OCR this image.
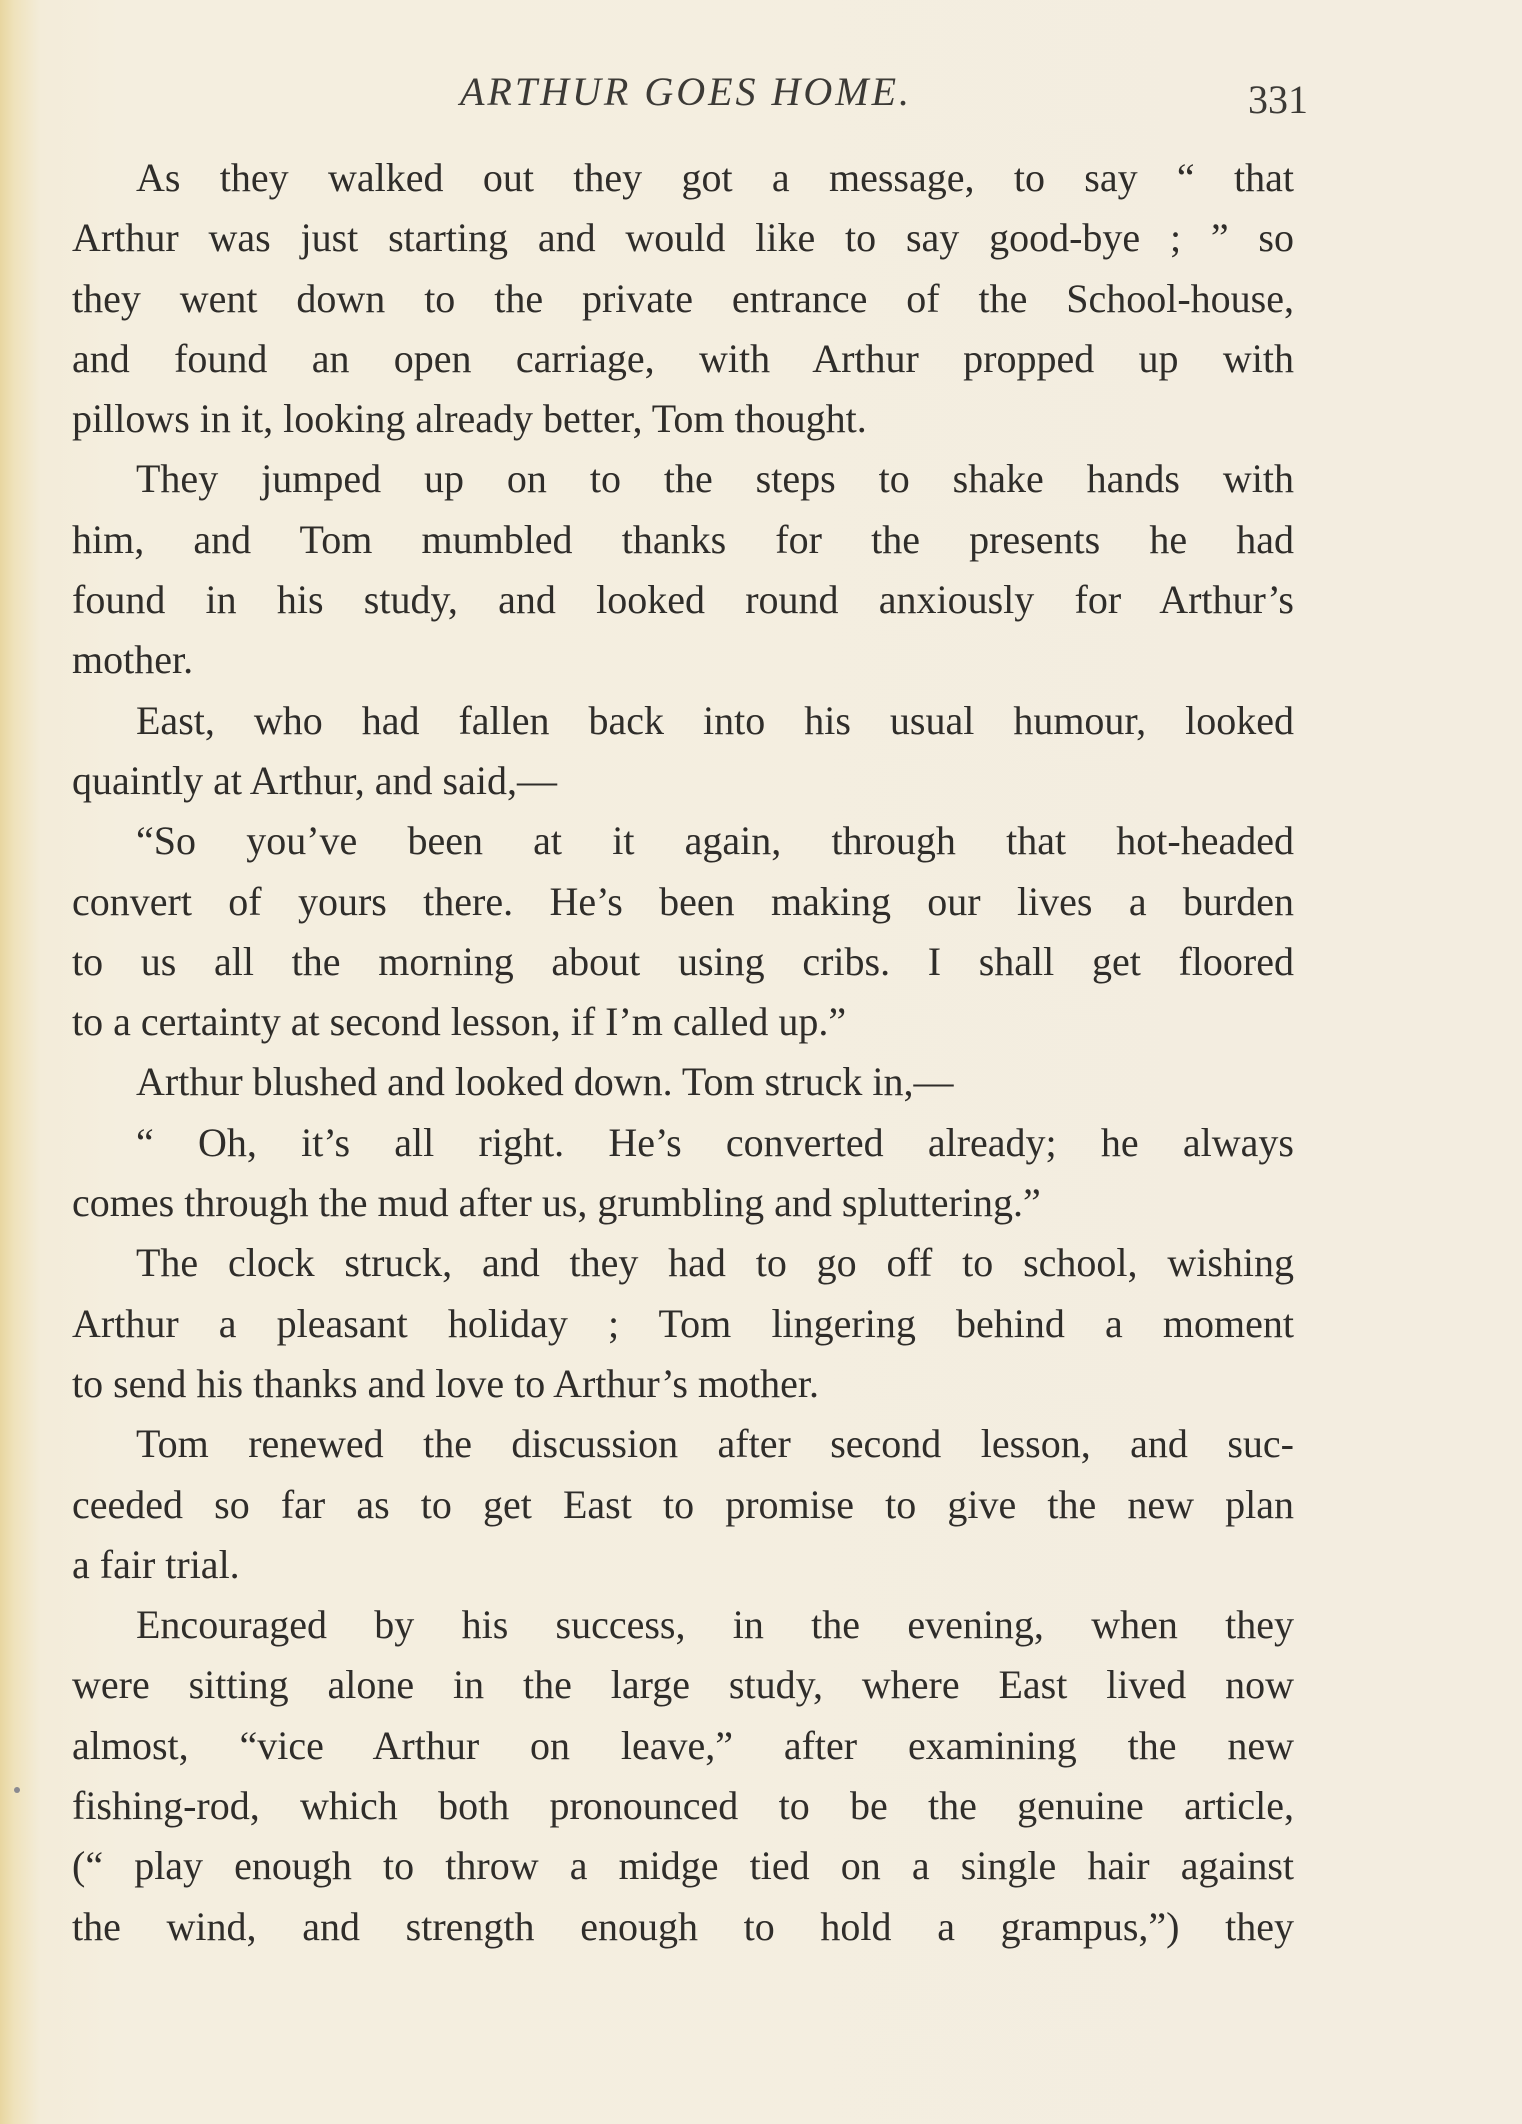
ARTHUR GOES HOME.	331
As they walked out they got a message, to say “ that
Arthur was just starting and would like to say good-bye ; ” so
they went down to the private entrance of the School-house,
and found an open carriage, with Arthur propped up with
pillows in it, looking already better, Tom thought.
They jumped up on to the steps to shake hands with
him, and Tom mumbled thanks for the presents he had
found in his study, and looked round anxiously for Arthur’s
mother.
East, who had fallen back into his usual humour, looked
quaintly at Arthur, and said,—
“So you’ve been at it again, through that hot-headed
convert of yours there. He’s been making our lives a burden
to us all the morning about using cribs. I shall get floored
to a certainty at second lesson, if I’m called up.”
Arthur blushed and looked down. Tom struck in,—
“ Oh, it’s all right. He’s converted already; he always
comes through the mud after us, grumbling and spluttering.”
The clock struck, and they had to go off to school, wishing
Arthur a pleasant holiday ; Tom lingering behind a moment
to send his thanks and love to Arthur’s mother.
Tom renewed the discussion after second lesson, and suc-
ceeded so far as to get East to promise to give the new plan
a fair trial.
Encouraged by his success, in the evening, when they
were sitting alone in the large study, where East lived now
almost, “vice Arthur on leave,” after examining the new
fishing-rod, which both pronounced to be the genuine article,
(“ play enough to throw a midge tied on a single hair against
the wind, and strength enough to hold a grampus,”) they
